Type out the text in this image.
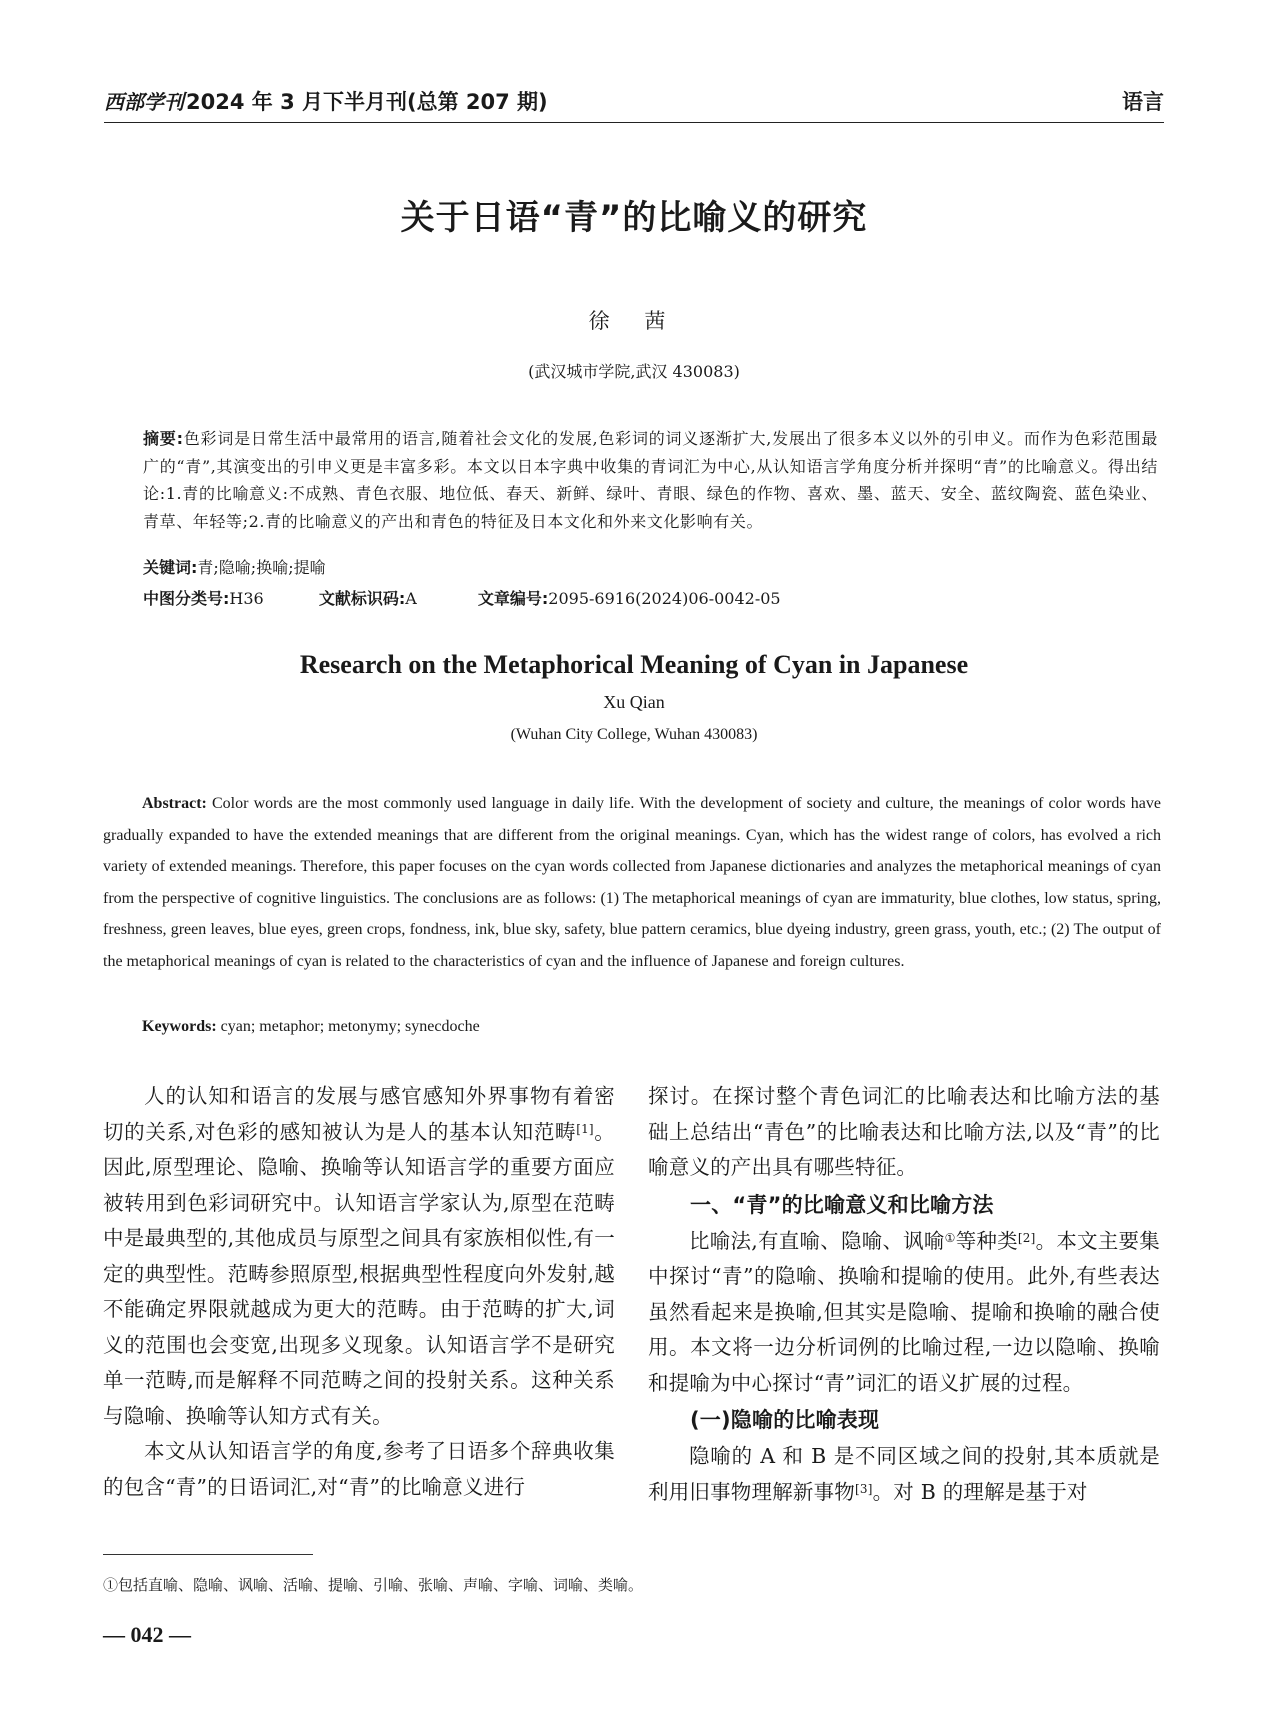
西部学刊2024 年 3 月下半月刊(总第 207 期)	语言
关于日语“青”的比喻义的研究
徐 茜
(武汉城市学院,武汉 430083)
摘要:色彩词是日常生活中最常用的语言,随着社会文化的发展,色彩词的词义逐渐扩大,发展出了很多本义以外的引申义。而作为色彩范围最广的“青”,其演变出的引申义更是丰富多彩。本文以日本字典中收集的青词汇为中心,从认知语言学角度分析并探明“青”的比喻意义。得出结论:1.青的比喻意义:不成熟、青色衣服、地位低、春天、新鲜、绿叶、青眼、绿色的作物、喜欢、墨、蓝天、安全、蓝纹陶瓷、蓝色染业、青草、年轻等;2.青的比喻意义的产出和青色的特征及日本文化和外来文化影响有关。
关键词:青;隐喻;换喻;提喻
中图分类号:H36	文献标识码:A	文章编号:2095-6916(2024)06-0042-05
Research on the Metaphorical Meaning of Cyan in Japanese
Xu Qian
(Wuhan City College, Wuhan 430083)
Abstract: Color words are the most commonly used language in daily life. With the development of society and culture, the meanings of color words have gradually expanded to have the extended meanings that are different from the original meanings. Cyan, which has the widest range of colors, has evolved a rich variety of extended meanings. Therefore, this paper focuses on the cyan words collected from Japanese dictionaries and analyzes the metaphorical meanings of cyan from the perspective of cognitive linguistics. The conclusions are as follows: (1) The metaphorical meanings of cyan are immaturity, blue clothes, low status, spring, freshness, green leaves, blue eyes, green crops, fondness, ink, blue sky, safety, blue pattern ceramics, blue dyeing industry, green grass, youth, etc.; (2) The output of the metaphorical meanings of cyan is related to the characteristics of cyan and the influence of Japanese and foreign cultures.
Keywords: cyan; metaphor; metonymy; synecdoche

人的认知和语言的发展与感官感知外界事物有着密切的关系,对色彩的感知被认为是人的基本认知范畴[1]。因此,原型理论、隐喻、换喻等认知语言学的重要方面应被转用到色彩词研究中。认知语言学家认为,原型在范畴中是最典型的,其他成员与原型之间具有家族相似性,有一定的典型性。范畴参照原型,根据典型性程度向外发射,越不能确定界限就越成为更大的范畴。由于范畴的扩大,词义的范围也会变宽,出现多义现象。认知语言学不是研究单一范畴,而是解释不同范畴之间的投射关系。这种关系与隐喻、换喻等认知方式有关。

本文从认知语言学的角度,参考了日语多个辞典收集的包含“青”的日语词汇,对“青”的比喻意义进行

探讨。在探讨整个青色词汇的比喻表达和比喻方法的基础上总结出“青色”的比喻表达和比喻方法,以及“青”的比喻意义的产出具有哪些特征。

一、“青”的比喻意义和比喻方法

比喻法,有直喻、隐喻、讽喻①等种类[2]。本文主要集中探讨“青”的隐喻、换喻和提喻的使用。此外,有些表达虽然看起来是换喻,但其实是隐喻、提喻和换喻的融合使用。本文将一边分析词例的比喻过程,一边以隐喻、换喻和提喻为中心探讨“青”词汇的语义扩展的过程。

(一)隐喻的比喻表现

隐喻的 A 和 B 是不同区域之间的投射,其本质就是利用旧事物理解新事物[3]。对 B 的理解是基于对

①包括直喻、隐喻、讽喻、活喻、提喻、引喻、张喻、声喻、字喻、词喻、类喻。
— 042 —
